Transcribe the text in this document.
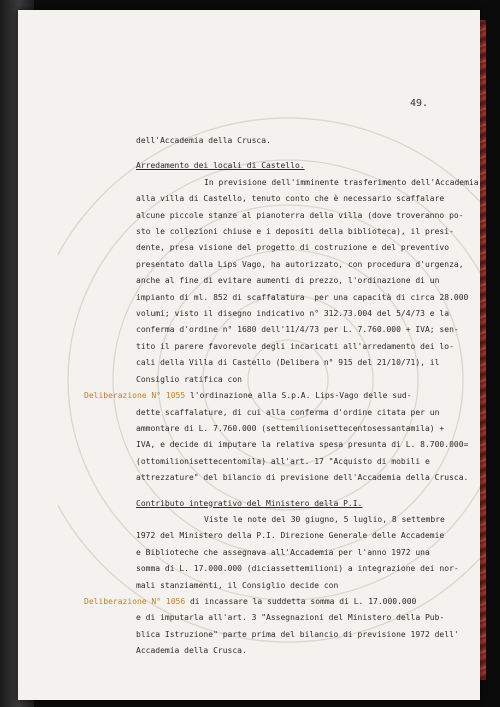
49.
dell'Accademia della Crusca.
Arredamento dei locali di Castello.
In previsione dell'imminente trasferimento dell'Accademia
alla villa di Castello, tenuto conto che è necessario scaffalare
alcune piccole stanze al pianoterra della villa (dove troveranno po-
sto le collezioni chiuse e i depositi della biblioteca), il presi-
dente, presa visione del progetto di costruzione e del preventivo
presentato dalla Lips Vago, ha autorizzato, con procedura d'urgenza,
anche al fine di evitare aumenti di prezzo, l'ordinazione di un
impianto di ml. 852 di scaffalatura  per una capacità di circa 28.000
volumi; visto il disegno indicativo n° 312.73.004 del 5/4/73 e la
conferma d'ordine n° 1680 dell'11/4/73 per L. 7.760.000 + IVA; sen-
tito il parere favorevole degli incaricati all'arredamento dei lo-
cali della Villa di Castello (Delibera n° 915 del 21/10/71), il
Consiglio ratifica con
Deliberazione N° 1055 l'ordinazione alla S.p.A. Lips-Vago delle sud-
dette scaffalature, di cui alla conferma d'ordine citata per un
ammontare di L. 7.760.000 (settemilionisettecentosessantamila) +
IVA, e decide di imputare la relativa spesa presunta di L. 8.700.000=
(ottomilionisettecentomila) all'art. 17 "Acquisto di mobili e
attrezzature" del bilancio di previsione dell'Accademia della Crusca.
Contributo integrativo del Ministero della P.I.
Viste le note del 30 giugno, 5 luglio, 8 settembre
1972 del Ministero della P.I. Direzione Generale delle Accademie
e Biblioteche che assegnava all'Accademia per l'anno 1972 una
somma di L. 17.000.000 (diciassettemilioni) a integrazione dei nor-
mali stanziamenti, il Consiglio decide con
Deliberazione N° 1056 di incassare la suddetta somma di L. 17.000.000
e di imputarla all'art. 3 "Assegnazioni del Ministero della Pub-
blica Istruzione" parte prima del bilancio di previsione 1972 dell'
Accademia della Crusca.
